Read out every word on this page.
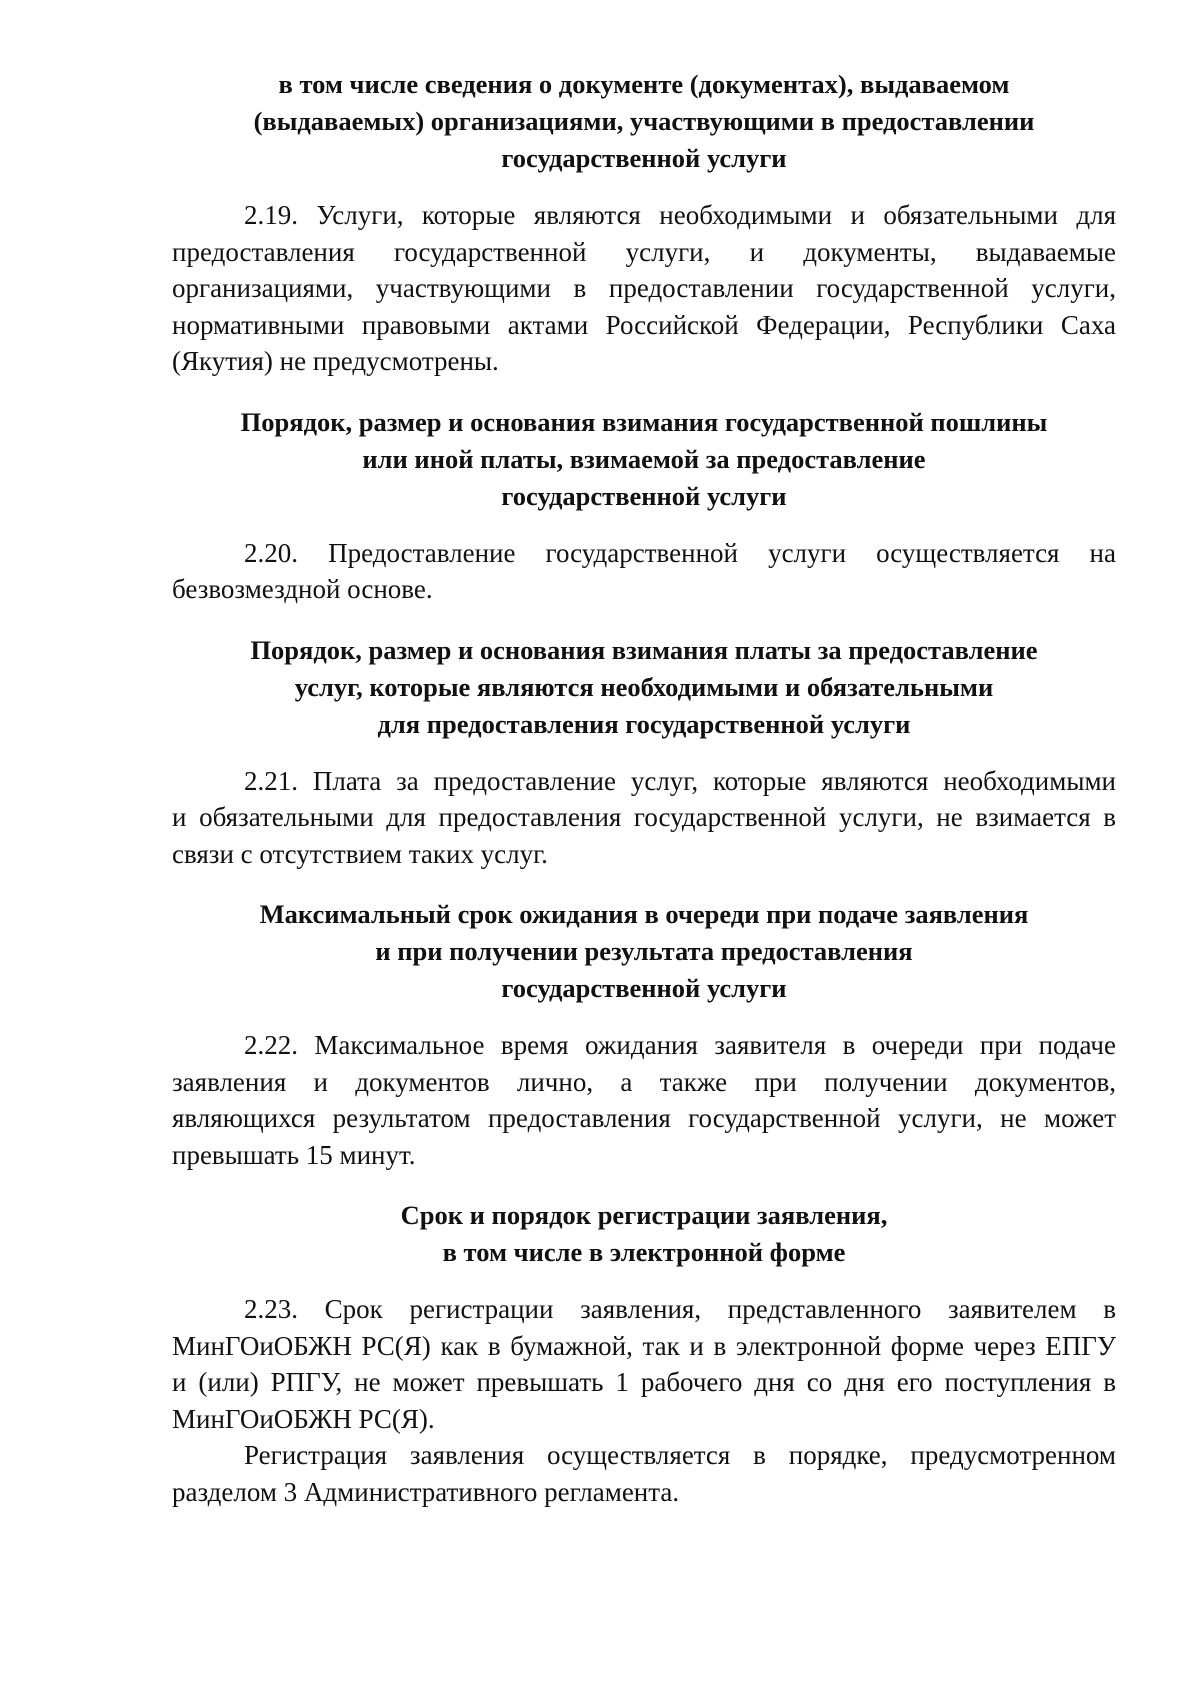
в том числе сведения о документе (документах), выдаваемом
(выдаваемых) организациями, участвующими в предоставлении
государственной услуги
2.19. Услуги, которые являются необходимыми и обязательными для
предоставления государственной услуги, и документы, выдаваемые
организациями, участвующими в предоставлении государственной услуги,
нормативными правовыми актами Российской Федерации, Республики Саха
(Якутия) не предусмотрены.
Порядок, размер и основания взимания государственной пошлины
или иной платы, взимаемой за предоставление
государственной услуги
2.20. Предоставление государственной услуги осуществляется на
безвозмездной основе.
Порядок, размер и основания взимания платы за предоставление
услуг, которые являются необходимыми и обязательными
для предоставления государственной услуги
2.21. Плата за предоставление услуг, которые являются необходимыми
и обязательными для предоставления государственной услуги, не взимается в
связи с отсутствием таких услуг.
Максимальный срок ожидания в очереди при подаче заявления
и при получении результата предоставления
государственной услуги
2.22. Максимальное время ожидания заявителя в очереди при подаче
заявления и документов лично, а также при получении документов,
являющихся результатом предоставления государственной услуги, не может
превышать 15 минут.
Срок и порядок регистрации заявления,
в том числе в электронной форме
2.23. Срок регистрации заявления, представленного заявителем в
МинГОиОБЖН РС(Я) как в бумажной, так и в электронной форме через ЕПГУ
и (или) РПГУ, не может превышать 1 рабочего дня со дня его поступления в
МинГОиОБЖН РС(Я).
Регистрация заявления осуществляется в порядке, предусмотренном
разделом 3 Административного регламента.
